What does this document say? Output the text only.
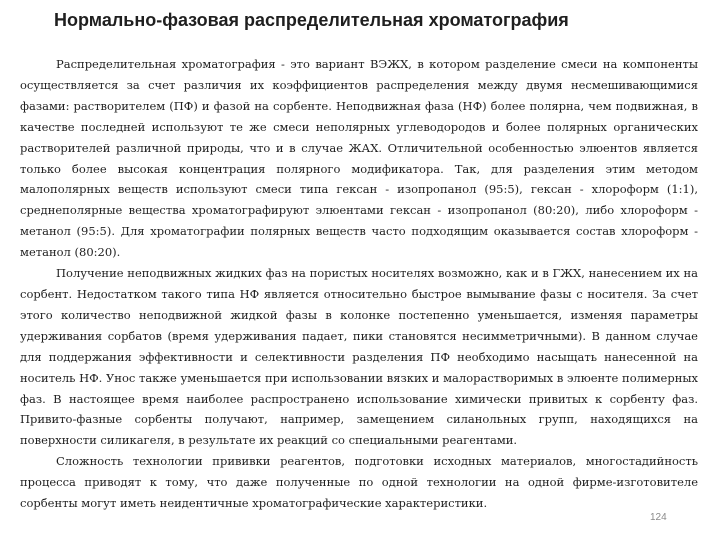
Нормально-фазовая распределительная хроматография

Распределительная хроматография - это вариант ВЭЖХ, в котором разделение смеси на компоненты осуществляется за счет различия их коэффициентов распределения между двумя несмешивающимися фазами: растворителем (ПФ) и фазой на сорбенте. Неподвижная фаза (НФ) более полярна, чем подвижная, в качестве последней используют те же смеси неполярных углеводородов и более полярных органических растворителей различной природы, что и в случае ЖАХ. Отличительной особенностью элюентов является только более высокая концентрация полярного модификатора. Так, для разделения этим методом малополярных веществ используют смеси типа гексан - изопропанол (95:5), гексан - хлороформ (1:1), среднеполярные вещества хроматографируют элюентами гексан - изопропанол (80:20), либо хлороформ - метанол (95:5). Для хроматографии полярных веществ часто подходящим оказывается состав хлороформ - метанол (80:20).

Получение неподвижных жидких фаз на пористых носителях возможно, как и в ГЖХ, нанесением их на сорбент. Недостатком такого типа НФ является относительно быстрое вымывание фазы с носителя. За счет этого количество неподвижной жидкой фазы в колонке постепенно уменьшается, изменяя параметры удерживания сорбатов (время удерживания падает, пики становятся несимметричными). В данном случае для поддержания эффективности и селективности разделения ПФ необходимо насыщать нанесенной на носитель НФ. Унос также уменьшается при использовании вязких и малорастворимых в элюенте полимерных фаз. В настоящее время наиболее распространено использование химически привитых к сорбенту фаз. Привито-фазные сорбенты получают, например, замещением силанольных групп, находящихся на поверхности силикагеля, в результате их реакций со специальными реагентами.

Сложность технологии прививки реагентов, подготовки исходных материалов, многостадийность процесса приводят к тому, что даже полученные по одной технологии на одной фирме-изготовителе сорбенты могут иметь неидентичные хроматографические характеристики.

124
